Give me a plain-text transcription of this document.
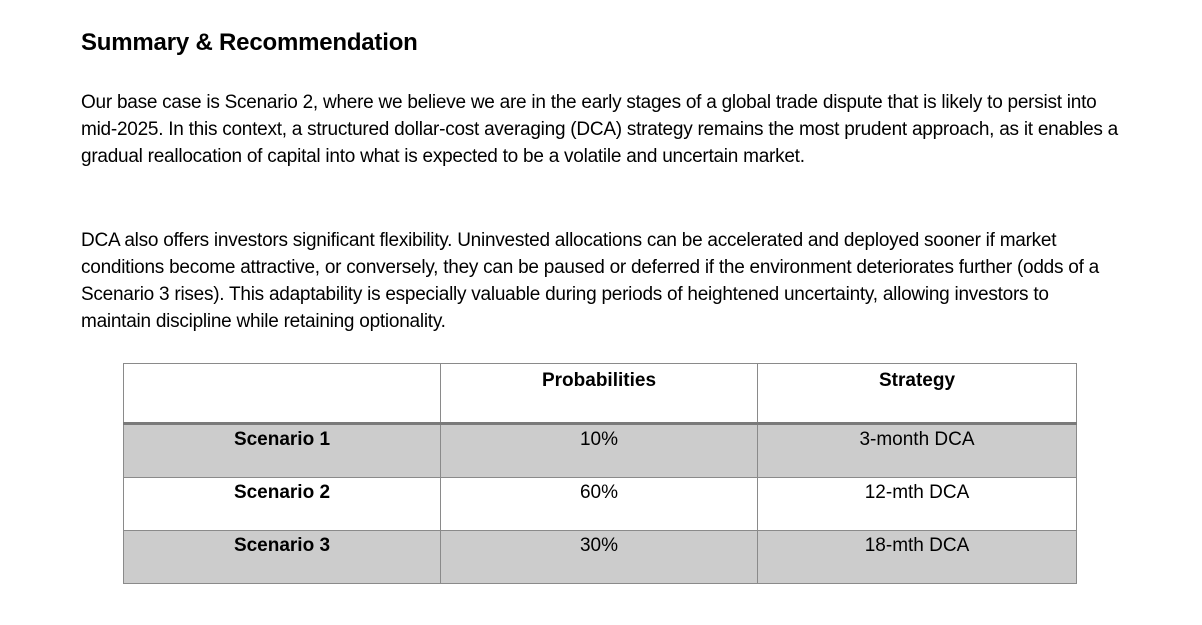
Summary & Recommendation

Our base case is Scenario 2, where we believe we are in the early stages of a global trade dispute that is likely to persist into mid-2025. In this context, a structured dollar-cost averaging (DCA) strategy remains the most prudent approach, as it enables a gradual reallocation of capital into what is expected to be a volatile and uncertain market.

DCA also offers investors significant flexibility. Uninvested allocations can be accelerated and deployed sooner if market conditions become attractive, or conversely, they can be paused or deferred if the environment deteriorates further (odds of a Scenario 3 rises). This adaptability is especially valuable during periods of heightened uncertainty, allowing investors to maintain discipline while retaining optionality.

	Probabilities	Strategy
Scenario 1	10%	3-month DCA
Scenario 2	60%	12-mth DCA
Scenario 3	30%	18-mth DCA
